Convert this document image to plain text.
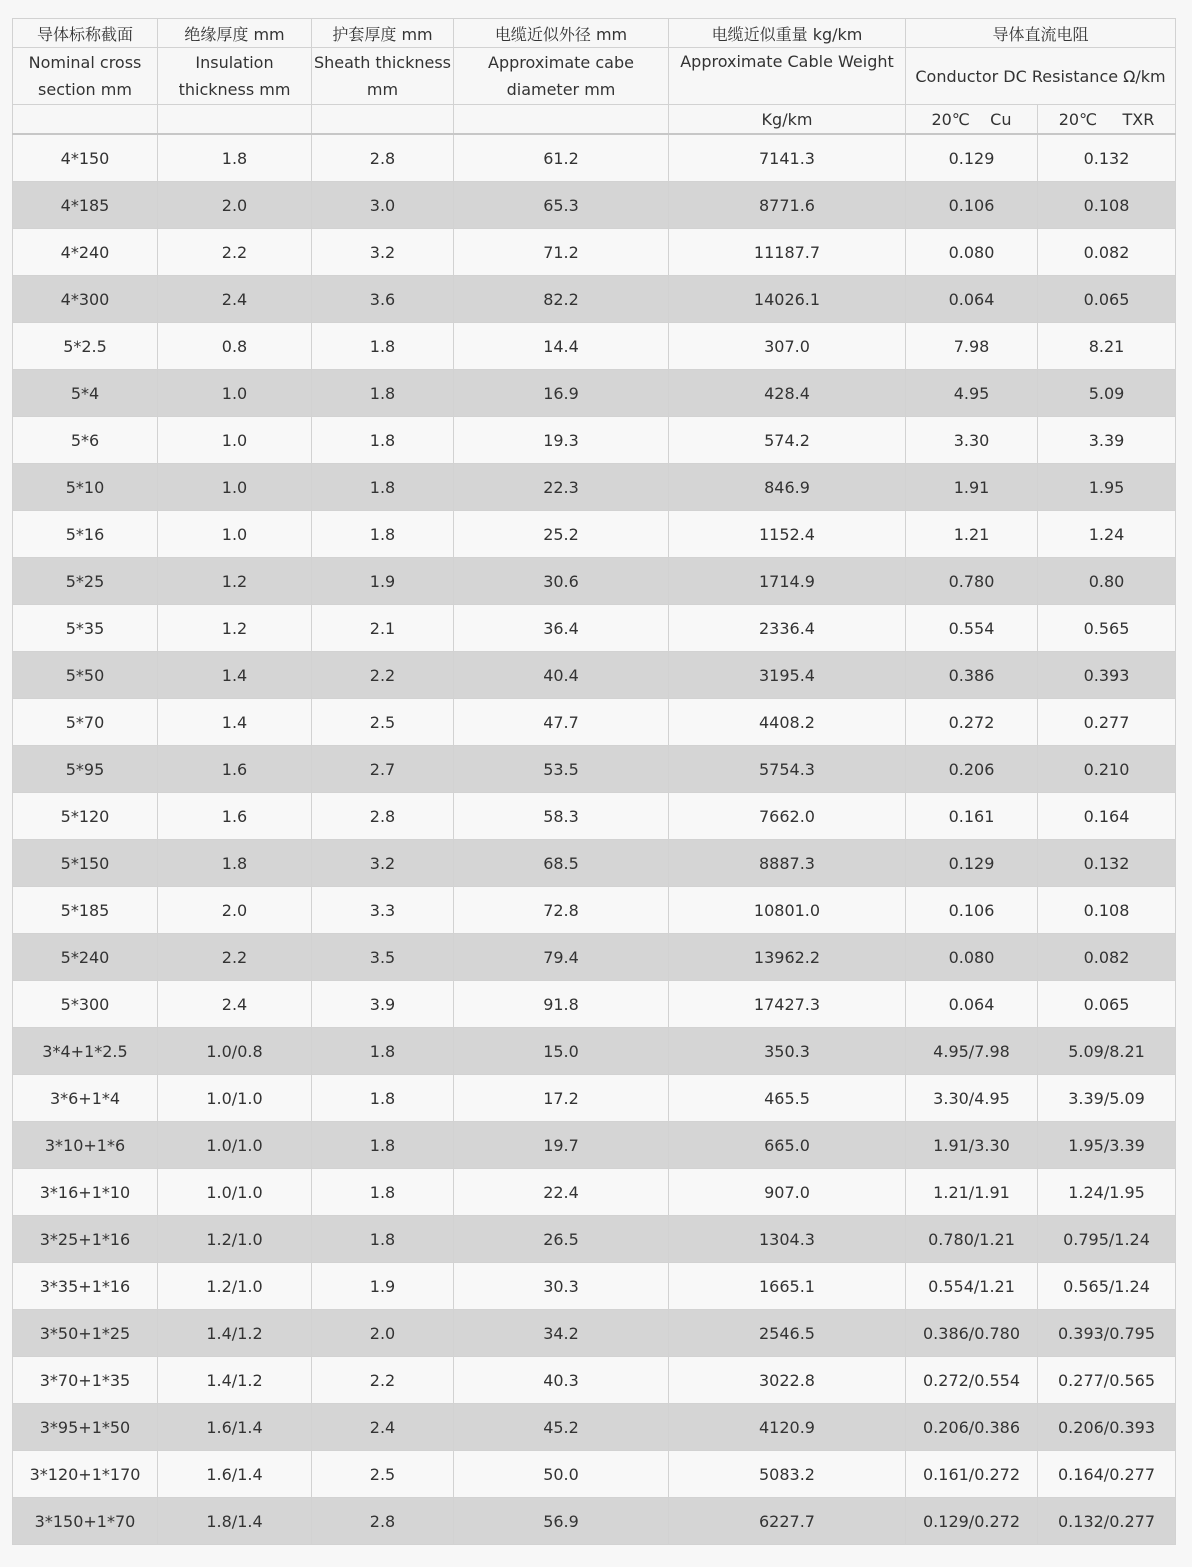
导体标称截面	绝缘厚度 mm	护套厚度 mm	电缆近似外径 mm	电缆近似重量 kg/km	导体直流电阻	
Nominal cross section mm	Insulation thickness mm	Sheath thickness mm	Approximate cabe diameter mm	Approximate Cable Weight	Conductor DC Resistance Ω/km	
				Kg/km	20℃    Cu	20℃     TXR
4*150	1.8	2.8	61.2	7141.3	0.129	0.132
4*185	2.0	3.0	65.3	8771.6	0.106	0.108
4*240	2.2	3.2	71.2	11187.7	0.080	0.082
4*300	2.4	3.6	82.2	14026.1	0.064	0.065
5*2.5	0.8	1.8	14.4	307.0	7.98	8.21
5*4	1.0	1.8	16.9	428.4	4.95	5.09
5*6	1.0	1.8	19.3	574.2	3.30	3.39
5*10	1.0	1.8	22.3	846.9	1.91	1.95
5*16	1.0	1.8	25.2	1152.4	1.21	1.24
5*25	1.2	1.9	30.6	1714.9	0.780	0.80
5*35	1.2	2.1	36.4	2336.4	0.554	0.565
5*50	1.4	2.2	40.4	3195.4	0.386	0.393
5*70	1.4	2.5	47.7	4408.2	0.272	0.277
5*95	1.6	2.7	53.5	5754.3	0.206	0.210
5*120	1.6	2.8	58.3	7662.0	0.161	0.164
5*150	1.8	3.2	68.5	8887.3	0.129	0.132
5*185	2.0	3.3	72.8	10801.0	0.106	0.108
5*240	2.2	3.5	79.4	13962.2	0.080	0.082
5*300	2.4	3.9	91.8	17427.3	0.064	0.065
3*4+1*2.5	1.0/0.8	1.8	15.0	350.3	4.95/7.98	5.09/8.21
3*6+1*4	1.0/1.0	1.8	17.2	465.5	3.30/4.95	3.39/5.09
3*10+1*6	1.0/1.0	1.8	19.7	665.0	1.91/3.30	1.95/3.39
3*16+1*10	1.0/1.0	1.8	22.4	907.0	1.21/1.91	1.24/1.95
3*25+1*16	1.2/1.0	1.8	26.5	1304.3	0.780/1.21	0.795/1.24
3*35+1*16	1.2/1.0	1.9	30.3	1665.1	0.554/1.21	0.565/1.24
3*50+1*25	1.4/1.2	2.0	34.2	2546.5	0.386/0.780	0.393/0.795
3*70+1*35	1.4/1.2	2.2	40.3	3022.8	0.272/0.554	0.277/0.565
3*95+1*50	1.6/1.4	2.4	45.2	4120.9	0.206/0.386	0.206/0.393
3*120+1*170	1.6/1.4	2.5	50.0	5083.2	0.161/0.272	0.164/0.277
3*150+1*70	1.8/1.4	2.8	56.9	6227.7	0.129/0.272	0.132/0.277
